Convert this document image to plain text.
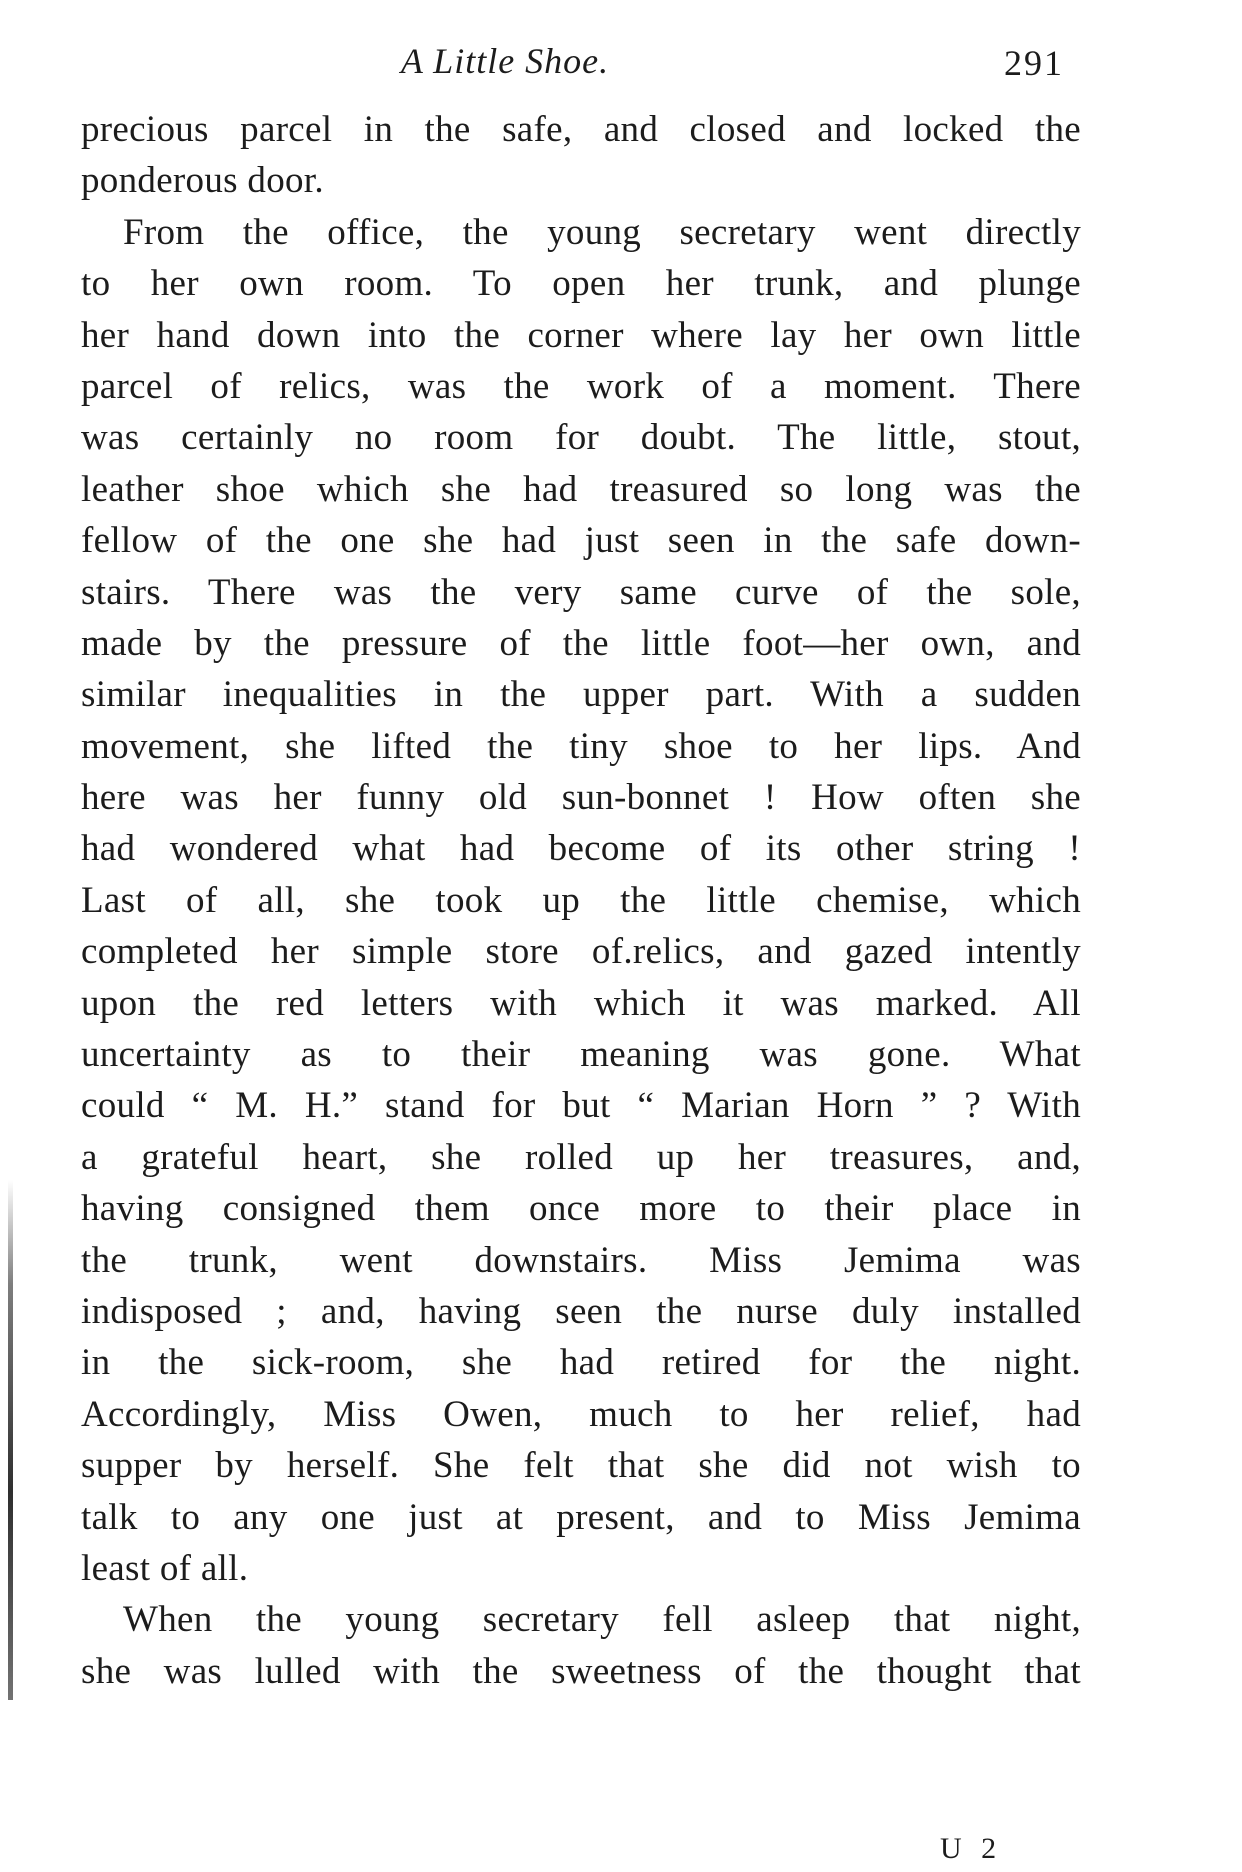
A Little Shoe.	291
precious parcel in the safe, and closed and locked the
ponderous door.
From the office, the young secretary went directly
to her own room. To open her trunk, and plunge
her hand down into the corner where lay her own little
parcel of relics, was the work of a moment. There
was certainly no room for doubt. The little, stout,
leather shoe which she had treasured so long was the
fellow of the one she had just seen in the safe down-
stairs. There was the very same curve of the sole,
made by the pressure of the little foot—her own, and
similar inequalities in the upper part. With a sudden
movement, she lifted the tiny shoe to her lips. And
here was her funny old sun-bonnet ! How often she
had wondered what had become of its other string !
Last of all, she took up the little chemise, which
completed her simple store of.relics, and gazed intently
upon the red letters with which it was marked. All
uncertainty as to their meaning was gone. What
could “ M. H.” stand for but “ Marian Horn ” ? With
a grateful heart, she rolled up her treasures, and,
having consigned them once more to their place in
the trunk, went downstairs. Miss Jemima was
indisposed ; and, having seen the nurse duly installed
in the sick-room, she had retired for the night.
Accordingly, Miss Owen, much to her relief, had
supper by herself. She felt that she did not wish to
talk to any one just at present, and to Miss Jemima
least of all.
When the young secretary fell asleep that night,
she was lulled with the sweetness of the thought that
U 2
